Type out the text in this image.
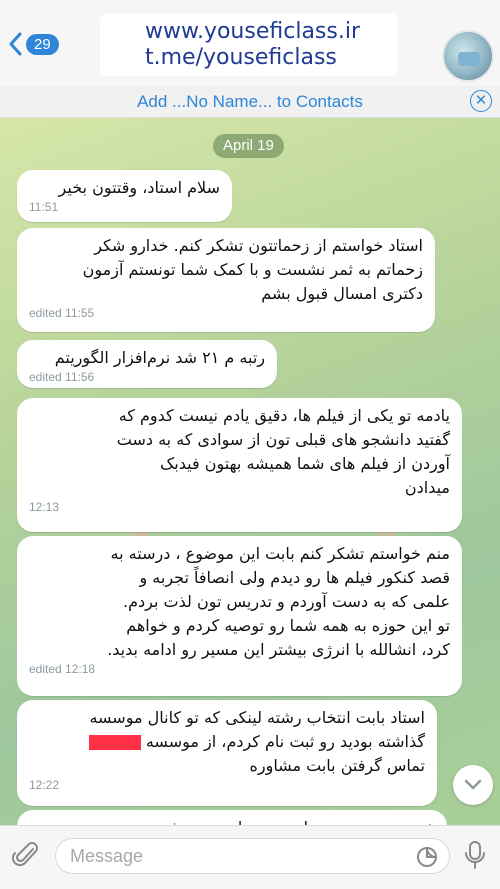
29	www.youseficlass.ir
t.me/youseficlass
Add ...No Name... to Contacts	✕
April 19
سلام استاد، وقتتون بخیر
11:51
استاد خواستم از زحماتتون تشکر کنم. خدارو شکر
زحماتم به ثمر نشست و با کمک شما تونستم آزمون
دکتری امسال قبول بشم
edited 11:55
رتبه م ۲۱ شد نرم‌افزار الگوریتم
edited 11:56
یادمه تو یکی از فیلم ها، دقیق یادم نیست کدوم که
گفتید دانشجو های قبلی تون از سوادی که به دست
آوردن از فیلم های شما همیشه بهتون فیدبک
میدادن
12:13
منم خواستم تشکر کنم بابت این موضوع ، درسته به
قصد کنکور فیلم ها رو دیدم ولی انصافاً تجربه و
علمی که به دست آوردم و تدریس تون لذت بردم.
تو این حوزه به همه شما رو توصیه کردم و خواهم
کرد، انشالله با انرژی بیشتر این مسیر رو ادامه بدید.
edited 12:18
استاد بابت انتخاب رشته لینکی که تو کانال موسسه
گذاشته بودید رو ثبت نام کردم، از موسسه
تماس گرفتن بابت مشاوره
12:22
Message
